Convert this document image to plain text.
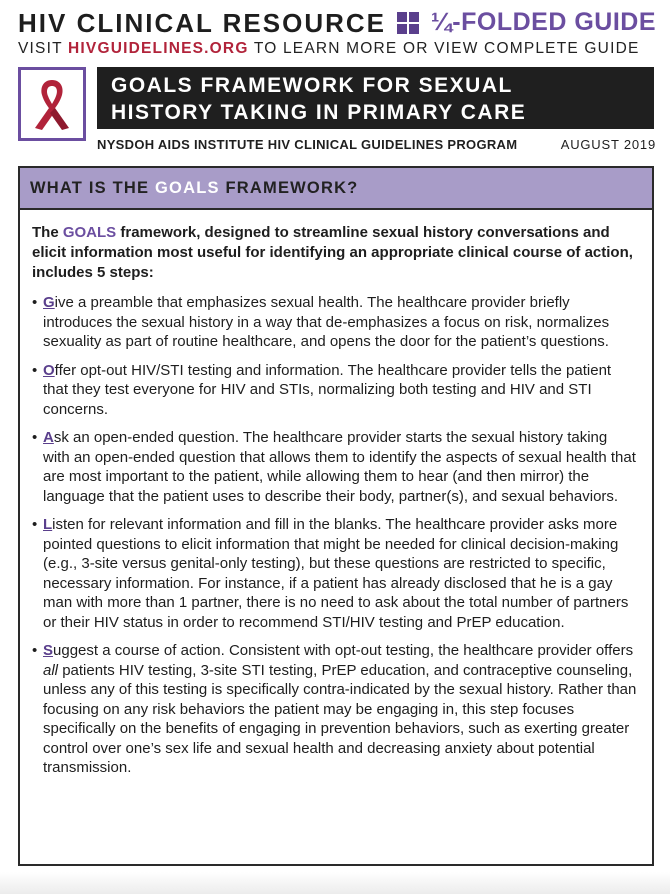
HIV CLINICAL RESOURCE ¼-FOLDED GUIDE
VISIT HIVGUIDELINES.ORG TO LEARN MORE OR VIEW COMPLETE GUIDE
GOALS FRAMEWORK FOR SEXUAL
HISTORY TAKING IN PRIMARY CARE
NYSDOH AIDS INSTITUTE HIV CLINICAL GUIDELINES PROGRAM	AUGUST 2019
WHAT IS THE
GOALS
FRAMEWORK?

The GOALS framework, designed to streamline sexual history conversations and elicit information most useful for identifying an appropriate clinical course of action, includes 5 steps:

• Give a preamble that emphasizes sexual health. The healthcare provider briefly introduces the sexual history in a way that de-emphasizes a focus on risk, normalizes sexuality as part of routine healthcare, and opens the door for the patient’s questions.
• Offer opt-out HIV/STI testing and information. The healthcare provider tells the patient that they test everyone for HIV and STIs, normalizing both testing and HIV and STI concerns.
• Ask an open-ended question. The healthcare provider starts the sexual history taking with an open-ended question that allows them to identify the aspects of sexual health that are most important to the patient, while allowing them to hear (and then mirror) the language that the patient uses to describe their body, partner(s), and sexual behaviors.
• Listen for relevant information and fill in the blanks. The healthcare provider asks more pointed questions to elicit information that might be needed for clinical decision-making (e.g., 3-site versus genital-only testing), but these questions are restricted to specific, necessary information. For instance, if a patient has already disclosed that he is a gay man with more than 1 partner, there is no need to ask about the total number of partners or their HIV status in order to recommend STI/HIV testing and PrEP education.
• Suggest a course of action. Consistent with opt-out testing, the healthcare provider offers all patients HIV testing, 3-site STI testing, PrEP education, and contraceptive counseling, unless any of this testing is specifically contra-indicated by the sexual history. Rather than focusing on any risk behaviors the patient may be engaging in, this step focuses specifically on the benefits of engaging in prevention behaviors, such as exerting greater control over one’s sex life and sexual health and decreasing anxiety about potential transmission.
